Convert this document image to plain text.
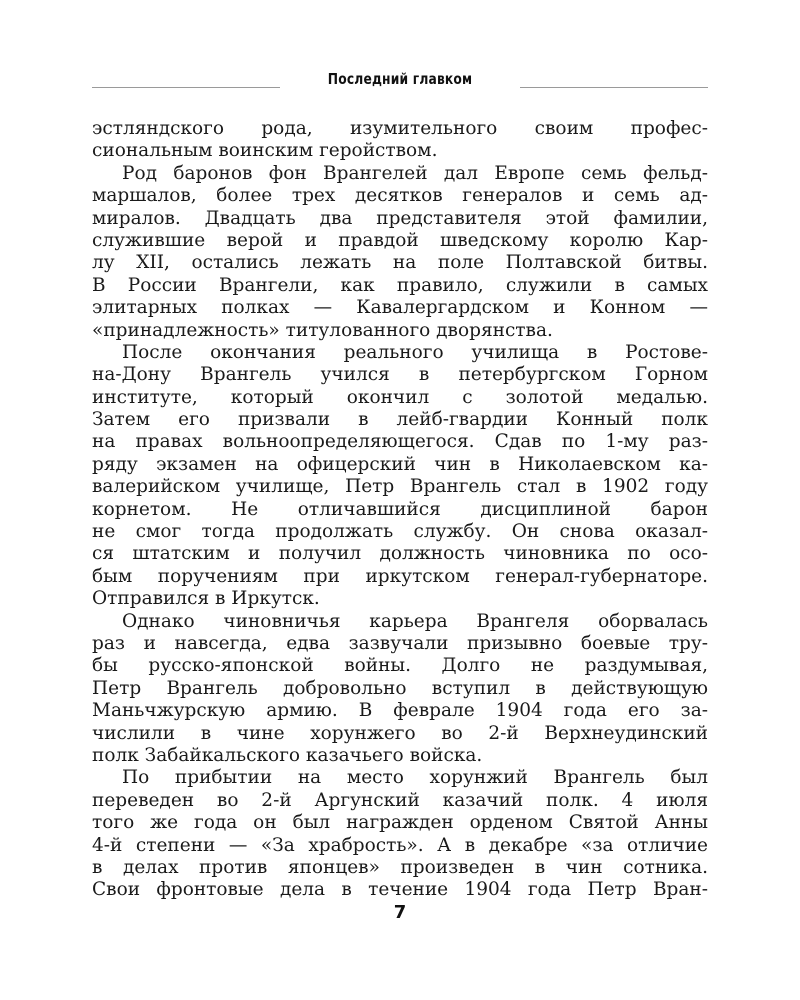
Последний главком
эстляндского рода, изумительного своим профес-
сиональным воинским геройством.
Род баронов фон Врангелей дал Европе семь фельд-
маршалов, более трех десятков генералов и семь ад-
миралов. Двадцать два представителя этой фамилии,
служившие верой и правдой шведскому королю Кар-
лу XII, остались лежать на поле Полтавской битвы.
В России Врангели, как правило, служили в самых
элитарных полках — Кавалергардском и Конном —
«принадлежность» титулованного дворянства.
После окончания реального училища в Ростове-
на-Дону Врангель учился в петербургском Горном
институте, который окончил с золотой медалью.
Затем его призвали в лейб-гвардии Конный полк
на правах вольноопределяющегося. Сдав по 1-му раз-
ряду экзамен на офицерский чин в Николаевском ка-
валерийском училище, Петр Врангель стал в 1902 году
корнетом. Не отличавшийся дисциплиной барон
не смог тогда продолжать службу. Он снова оказал-
ся штатским и получил должность чиновника по осо-
бым поручениям при иркутском генерал-губернаторе.
Отправился в Иркутск.
Однако чиновничья карьера Врангеля оборвалась
раз и навсегда, едва зазвучали призывно боевые тру-
бы русско-японской войны. Долго не раздумывая,
Петр Врангель добровольно вступил в действующую
Маньчжурскую армию. В феврале 1904 года его за-
числили в чине хорунжего во 2-й Верхнеудинский
полк Забайкальского казачьего войска.
По прибытии на место хорунжий Врангель был
переведен во 2-й Аргунский казачий полк. 4 июля
того же года он был награжден орденом Святой Анны
4-й степени — «За храбрость». А в декабре «за отличие
в делах против японцев» произведен в чин сотника.
Свои фронтовые дела в течение 1904 года Петр Вран-
7
